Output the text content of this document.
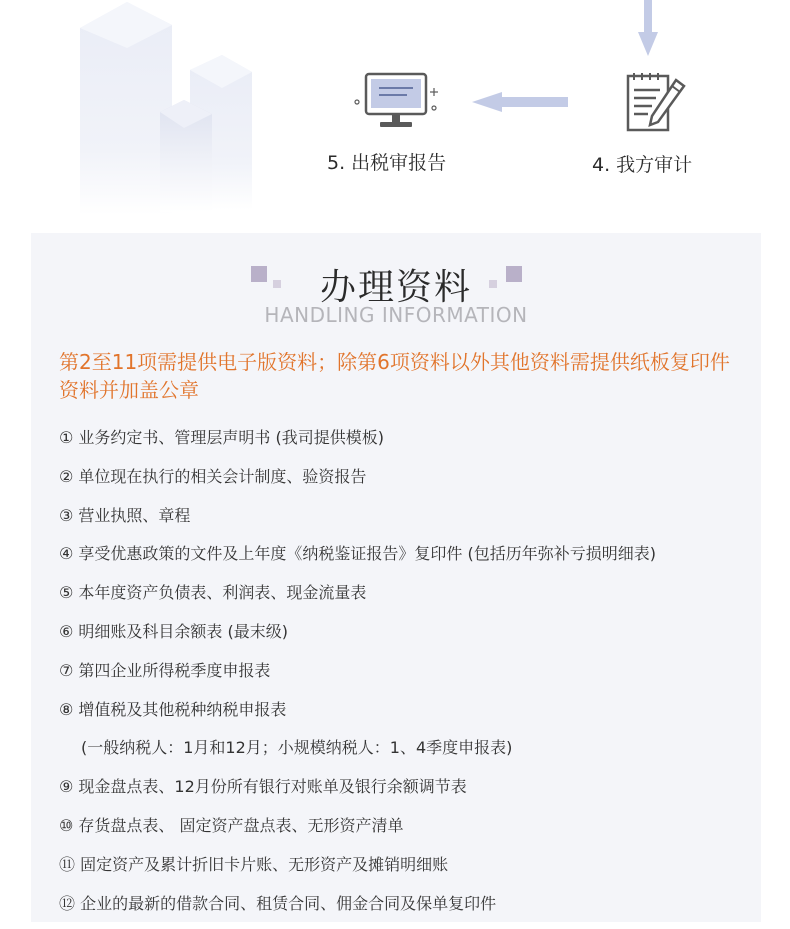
5. 出税审报告	4. 我方审计
办理资料
HANDLING INFORMATION
第2至11项需提供电子版资料；除第6项资料以外其他资料需提供纸板复印件资料并加盖公章
① 业务约定书、管理层声明书 (我司提供模板)
② 单位现在执行的相关会计制度、验资报告
③ 营业执照、章程
④ 享受优惠政策的文件及上年度《纳税鉴证报告》复印件 (包括历年弥补亏损明细表)
⑤ 本年度资产负债表、利润表、现金流量表
⑥ 明细账及科目余额表 (最末级)
⑦ 第四企业所得税季度申报表
⑧ 增值税及其他税种纳税申报表
(一般纳税人：1月和12月；小规模纳税人：1、4季度申报表)
⑨ 现金盘点表、12月份所有银行对账单及银行余额调节表
⑩ 存货盘点表、 固定资产盘点表、无形资产清单
⑪ 固定资产及累计折旧卡片账、无形资产及摊销明细账
⑫ 企业的最新的借款合同、租赁合同、佣金合同及保单复印件
